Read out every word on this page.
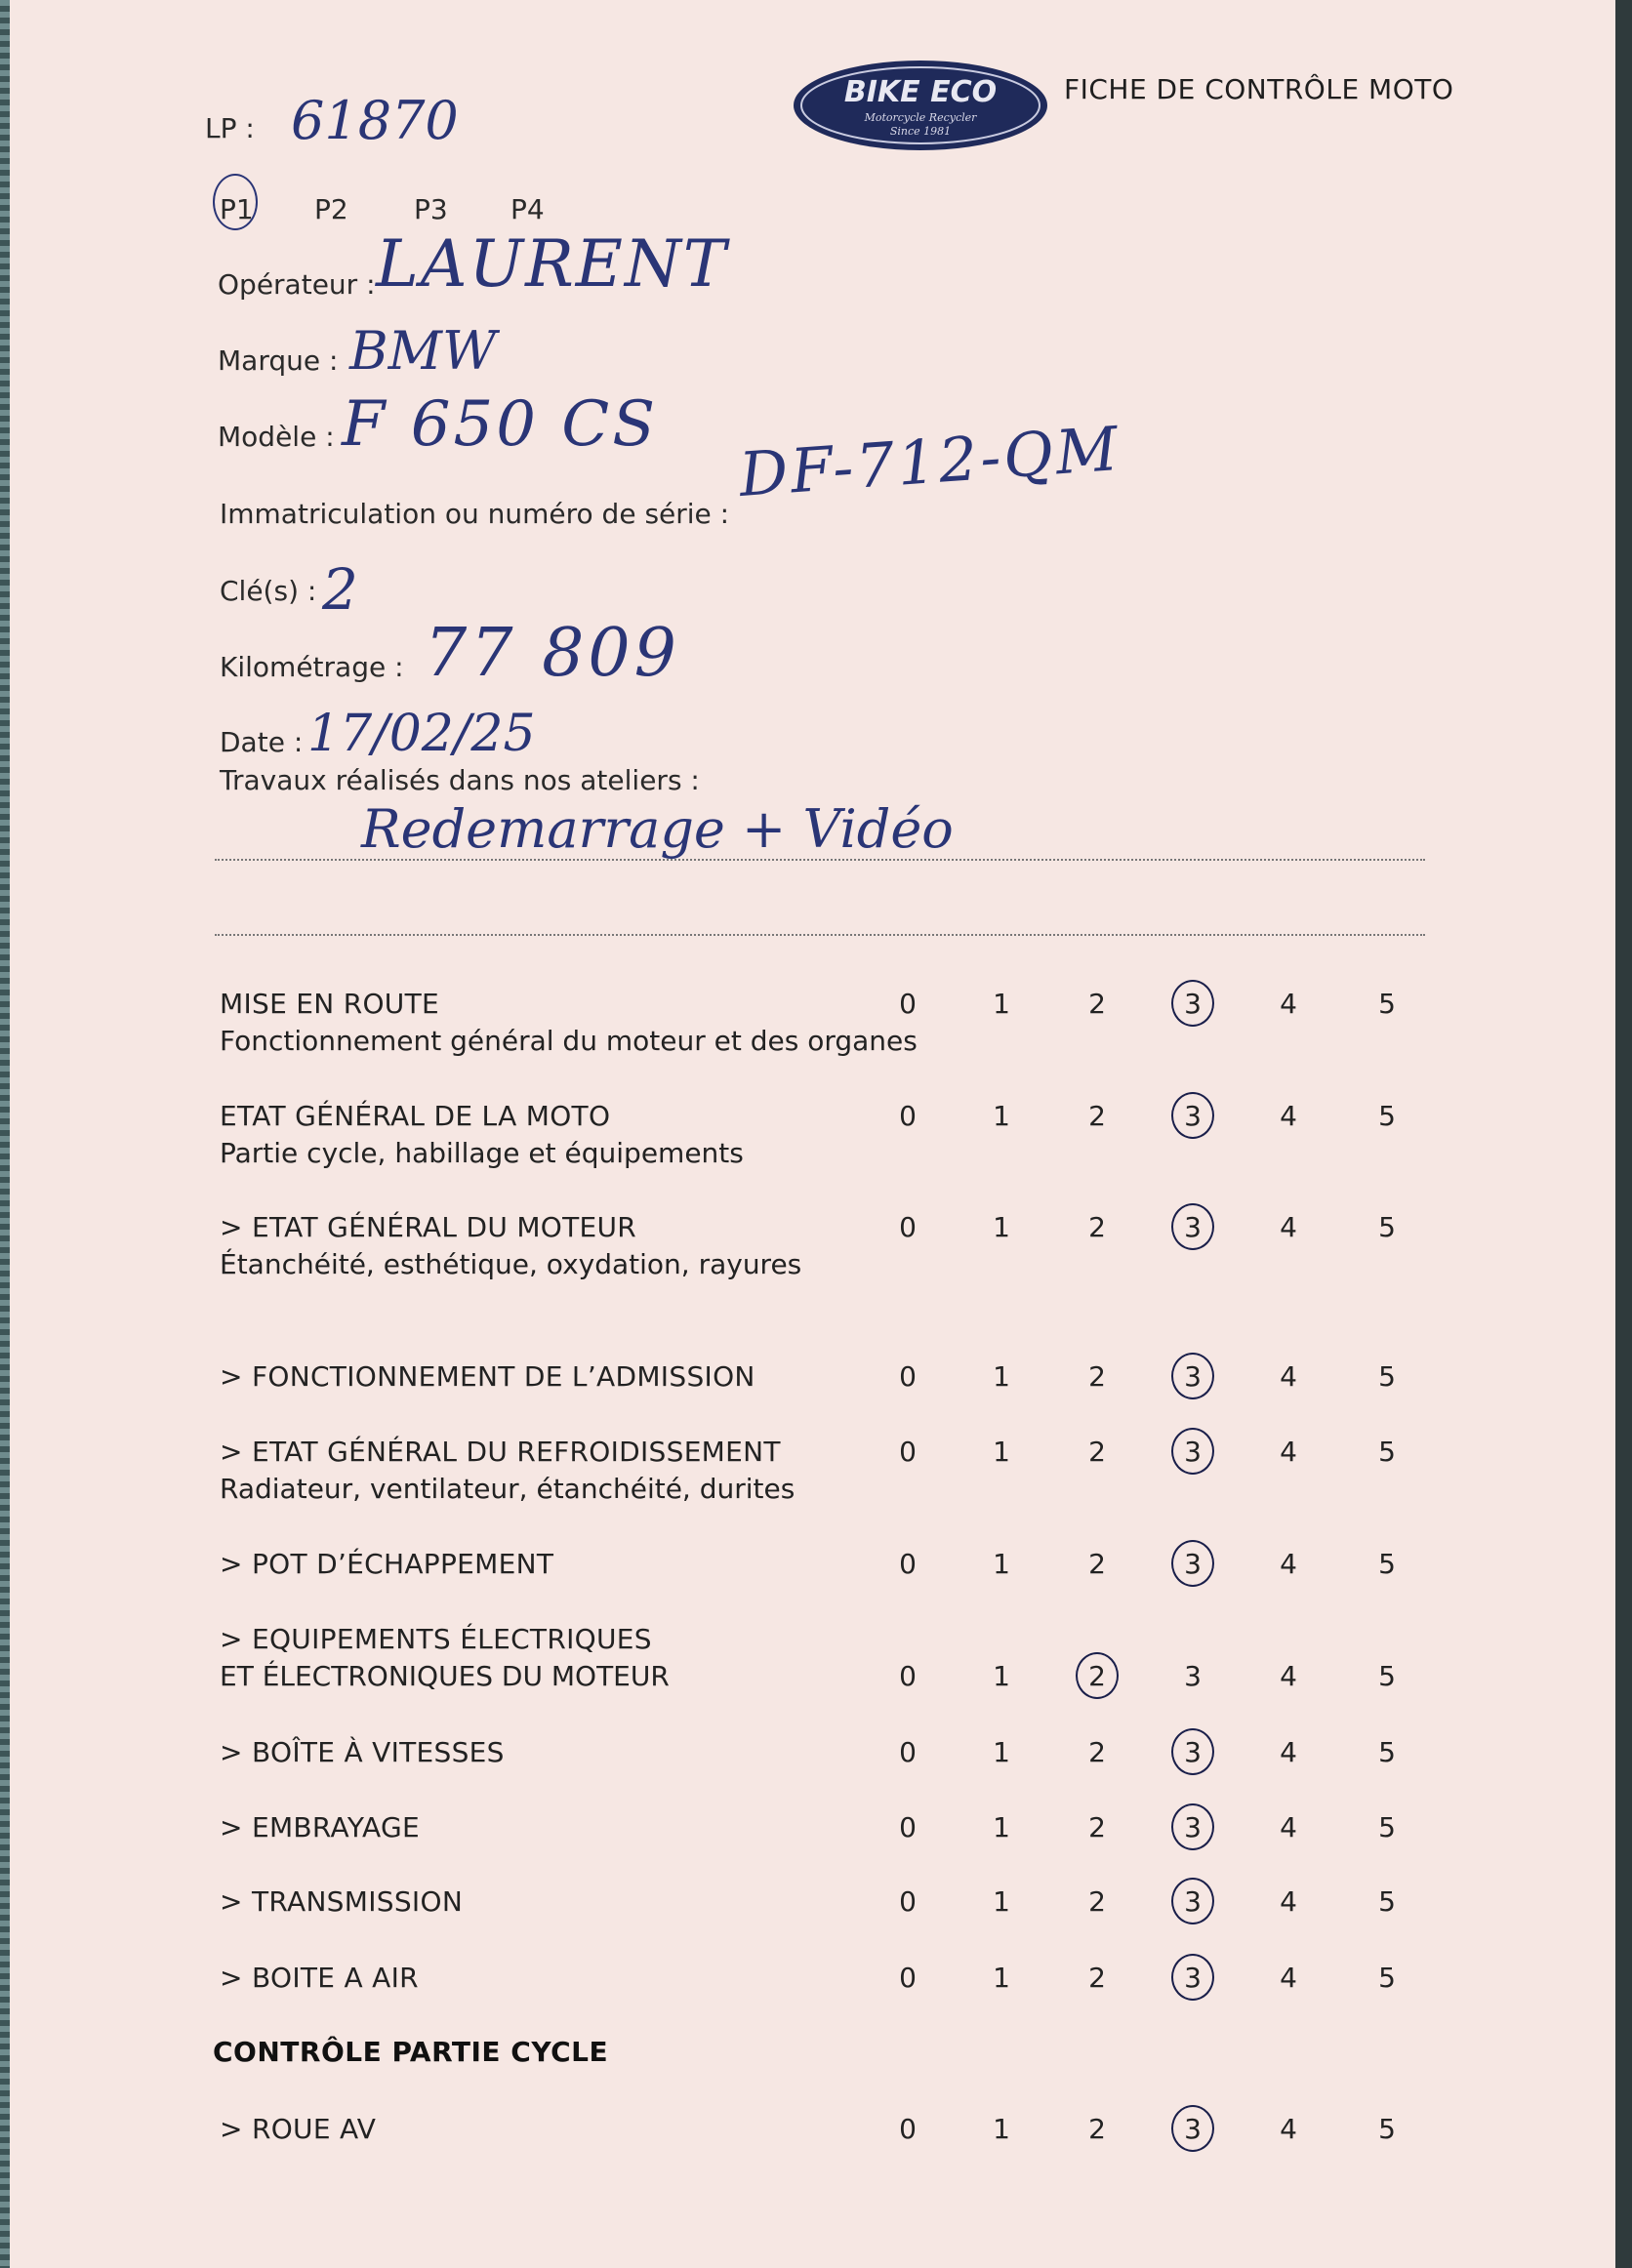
LP : 61870
P1 P2 P3 P4
BIKE ECO
Motorcycle Recycler
Since 1981
FICHE DE CONTRÔLE MOTO
Opérateur : LAURENT
Marque : BMW
Modèle : F 650 CS
Immatriculation ou numéro de série :
DF-712-QM
Clé(s) : 2
Kilométrage : 77 809
Date : 17/02/25
Travaux réalisés dans nos ateliers :
Redemarrage + Vidéo
MISE EN ROUTE
Fonctionnement général du moteur et des organes
0	1	2	3	4	5
ETAT GÉNÉRAL DE LA MOTO
Partie cycle, habillage et équipements
0	1	2	3	4	5
> ETAT GÉNÉRAL DU MOTEUR
Étanchéité, esthétique, oxydation, rayures
0	1	2	3	4	5
> FONCTIONNEMENT DE L’ADMISSION	0	1	2	3	4	5
> ETAT GÉNÉRAL DU REFROIDISSEMENT
Radiateur, ventilateur, étanchéité, durites
0	1	2	3	4	5
> POT D’ÉCHAPPEMENT	0	1	2	3	4	5
> EQUIPEMENTS ÉLECTRIQUES
ET ÉLECTRONIQUES DU MOTEUR	0	1	2	3	4	5
> BOÎTE À VITESSES	0	1	2	3	4	5
> EMBRAYAGE	0	1	2	3	4	5
> TRANSMISSION	0	1	2	3	4	5
> BOITE A AIR	0	1	2	3	4	5
CONTRÔLE PARTIE CYCLE
> ROUE AV	0	1	2	3	4	5
